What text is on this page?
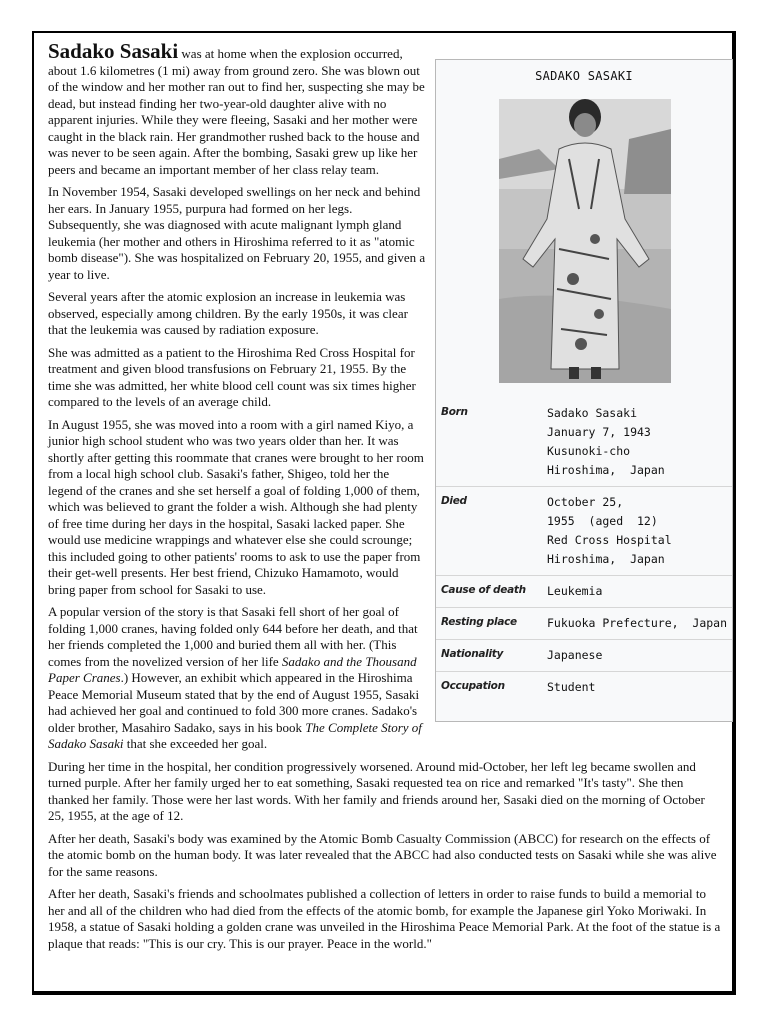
SADAKO SASAKI
Born	Sadako Sasaki
January 7, 1943
Kusunoki-cho
Hiroshima,  Japan
Died	October 25,
1955  (aged  12)
Red Cross Hospital
Hiroshima,  Japan
Cause of death	Leukemia
Resting place	Fukuoka Prefecture,  Japan
Nationality	Japanese
Occupation	Student

Sadako Sasaki was at home when the explosion occurred, about 1.6 kilometres (1 mi) away from ground zero. She was blown out of the window and her mother ran out to find her, suspecting she may be dead, but instead finding her two-year-old daughter alive with no apparent injuries. While they were fleeing, Sasaki and her mother were caught in the black rain. Her grandmother rushed back to the house and was never to be seen again. After the bombing, Sasaki grew up like her peers and became an important member of her class relay team.

In November 1954, Sasaki developed swellings on her neck and behind her ears. In January 1955, purpura had formed on her legs. Subsequently, she was diagnosed with acute malignant lymph gland leukemia (her mother and others in Hiroshima referred to it as "atomic bomb disease"). She was hospitalized on February 20, 1955, and given a year to live.

Several years after the atomic explosion an increase in leukemia was observed, especially among children. By the early 1950s, it was clear that the leukemia was caused by radiation exposure.

She was admitted as a patient to the Hiroshima Red Cross Hospital for treatment and given blood transfusions on February 21, 1955. By the time she was admitted, her white blood cell count was six times higher compared to the levels of an average child.

In August 1955, she was moved into a room with a girl named Kiyo, a junior high school student who was two years older than her. It was shortly after getting this roommate that cranes were brought to her room from a local high school club. Sasaki's father, Shigeo, told her the legend of the cranes and she set herself a goal of folding 1,000 of them, which was believed to grant the folder a wish. Although she had plenty of free time during her days in the hospital, Sasaki lacked paper. She would use medicine wrappings and whatever else she could scrounge; this included going to other patients' rooms to ask to use the paper from their get-well presents. Her best friend, Chizuko Hamamoto, would bring paper from school for Sasaki to use.

A popular version of the story is that Sasaki fell short of her goal of folding 1,000 cranes, having folded only 644 before her death, and that her friends completed the 1,000 and buried them all with her. (This comes from the novelized version of her life Sadako and the Thousand Paper Cranes.) However, an exhibit which appeared in the Hiroshima Peace Memorial Museum stated that by the end of August 1955, Sasaki had achieved her goal and continued to fold 300 more cranes. Sadako's older brother, Masahiro Sadako, says in his book The Complete Story of Sadako Sasaki that she exceeded her goal.

During her time in the hospital, her condition progressively worsened. Around mid-October, her left leg became swollen and turned purple. After her family urged her to eat something, Sasaki requested tea on rice and remarked "It's tasty". She then thanked her family. Those were her last words. With her family and friends around her, Sasaki died on the morning of October 25, 1955, at the age of 12.

After her death, Sasaki's body was examined by the Atomic Bomb Casualty Commission (ABCC) for research on the effects of the atomic bomb on the human body. It was later revealed that the ABCC had also conducted tests on Sasaki while she was alive for the same reasons.

After her death, Sasaki's friends and schoolmates published a collection of letters in order to raise funds to build a memorial to her and all of the children who had died from the effects of the atomic bomb, for example the Japanese girl Yoko Moriwaki. In 1958, a statue of Sasaki holding a golden crane was unveiled in the Hiroshima Peace Memorial Park. At the foot of the statue is a plaque that reads: "This is our cry. This is our prayer. Peace in the world."
